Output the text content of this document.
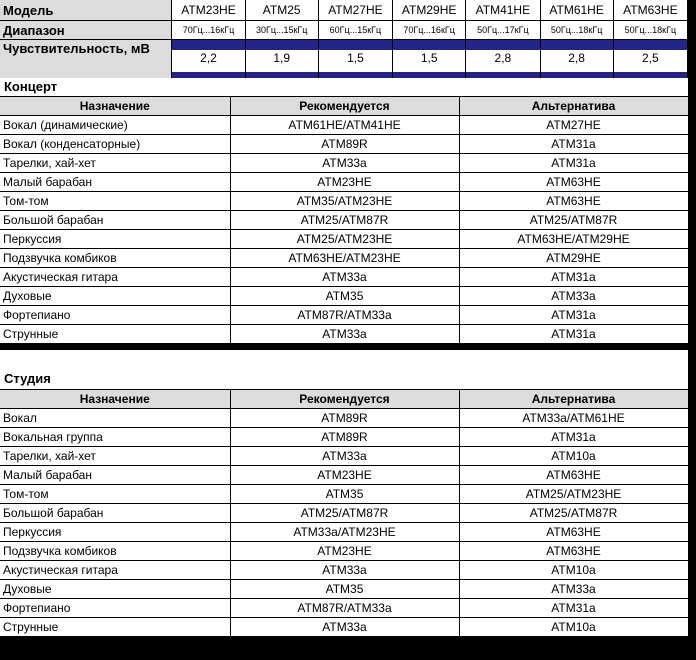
Модель	ATM23HE	ATM25	ATM27HE	ATM29HE	ATM41HE	ATM61HE	ATM63HE
Диапазон	70Гц...16кГц	30Гц...15кГц	60Гц...15кГц	70Гц...16кГц	50Гц...17кГц	50Гц...18кГц	50Гц...18кГц
Чувствительность, мВ	2,2	1,9	1,5	1,5	2,8	2,8	2,5
Концерт
Назначение	Рекомендуется	Альтернатива
Вокал (динамические)	ATM61HE/ATM41HE	ATM27HE
Вокал (конденсаторные)	ATM89R	ATM31a
Тарелки, хай-хет	ATM33a	ATM31a
Малый барабан	ATM23HE	ATM63HE
Том-том	ATM35/ATM23HE	ATM63HE
Большой барабан	ATM25/ATM87R	ATM25/ATM87R
Перкуссия	ATM25/ATM23HE	ATM63HE/ATM29HE
Подзвучка комбиков	ATM63HE/ATM23HE	ATM29HE
Акустическая гитара	ATM33a	ATM31a
Духовые	ATM35	ATM33a
Фортепиано	ATM87R/ATM33a	ATM31a
Струнные	ATM33a	ATM31a
Студия
Назначение	Рекомендуется	Альтернатива
Вокал	ATM89R	ATM33a/ATM61HE
Вокальная группа	ATM89R	ATM31a
Тарелки, хай-хет	ATM33a	ATM10a
Малый барабан	ATM23HE	ATM63HE
Том-том	ATM35	ATM25/ATM23HE
Большой барабан	ATM25/ATM87R	ATM25/ATM87R
Перкуссия	ATM33a/ATM23HE	ATM63HE
Подзвучка комбиков	ATM23HE	ATM63HE
Акустическая гитара	ATM33a	ATM10a
Духовые	ATM35	ATM33a
Фортепиано	ATM87R/ATM33a	ATM31a
Струнные	ATM33a	ATM10a
